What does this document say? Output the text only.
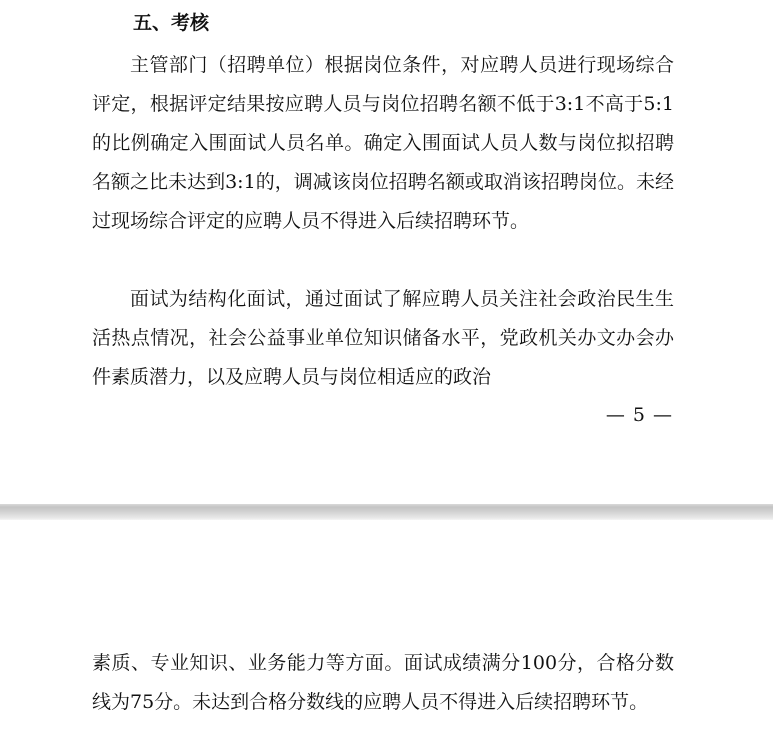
五、考核

主管部门（招聘单位）根据岗位条件，对应聘人员进行现场综合评定，根据评定结果按应聘人员与岗位招聘名额不低于3:1不高于5:1的比例确定入围面试人员名单。确定入围面试人员人数与岗位拟招聘名额之比未达到3:1的，调减该岗位招聘名额或取消该招聘岗位。未经过现场综合评定的应聘人员不得进入后续招聘环节。

面试为结构化面试，通过面试了解应聘人员关注社会政治民生生活热点情况，社会公益事业单位知识储备水平，党政机关办文办会办件素质潜力，以及应聘人员与岗位相适应的政治

— 5 —

素质、专业知识、业务能力等方面。面试成绩满分100分，合格分数线为75分。未达到合格分数线的应聘人员不得进入后续招聘环节。
